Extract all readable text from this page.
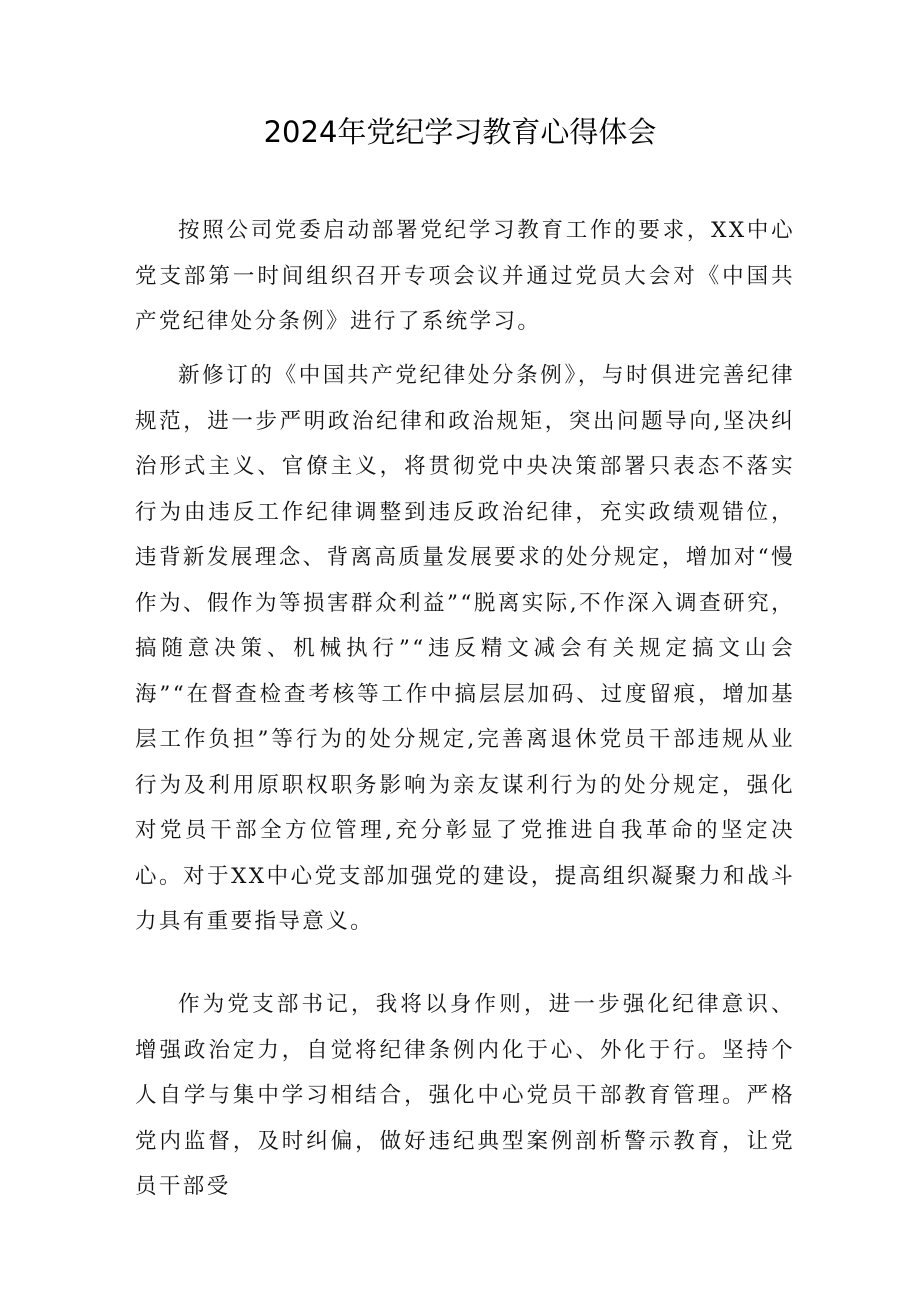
2024年党纪学习教育心得体会

按照公司党委启动部署党纪学习教育工作的要求，XX中心党支部第一时间组织召开专项会议并通过党员大会对《中国共产党纪律处分条例》进行了系统学习。

新修订的《中国共产党纪律处分条例》，与时俱进完善纪律规范，进一步严明政治纪律和政治规矩，突出问题导向,坚决纠治形式主义、官僚主义，将贯彻党中央决策部署只表态不落实行为由违反工作纪律调整到违反政治纪律，充实政绩观错位，违背新发展理念、背离高质量发展要求的处分规定，增加对“慢作为、假作为等损害群众利益”“脱离实际,不作深入调查研究，搞随意决策、机械执行”“违反精文减会有关规定搞文山会海”“在督查检查考核等工作中搞层层加码、过度留痕，增加基层工作负担”等行为的处分规定,完善离退休党员干部违规从业行为及利用原职权职务影响为亲友谋利行为的处分规定，强化对党员干部全方位管理,充分彰显了党推进自我革命的坚定决心。对于XX中心党支部加强党的建设，提高组织凝聚力和战斗力具有重要指导意义。

作为党支部书记，我将以身作则，进一步强化纪律意识、增强政治定力，自觉将纪律条例内化于心、外化于行。坚持个人自学与集中学习相结合，强化中心党员干部教育管理。严格党内监督，及时纠偏，做好违纪典型案例剖析警示教育，让党员干部受
